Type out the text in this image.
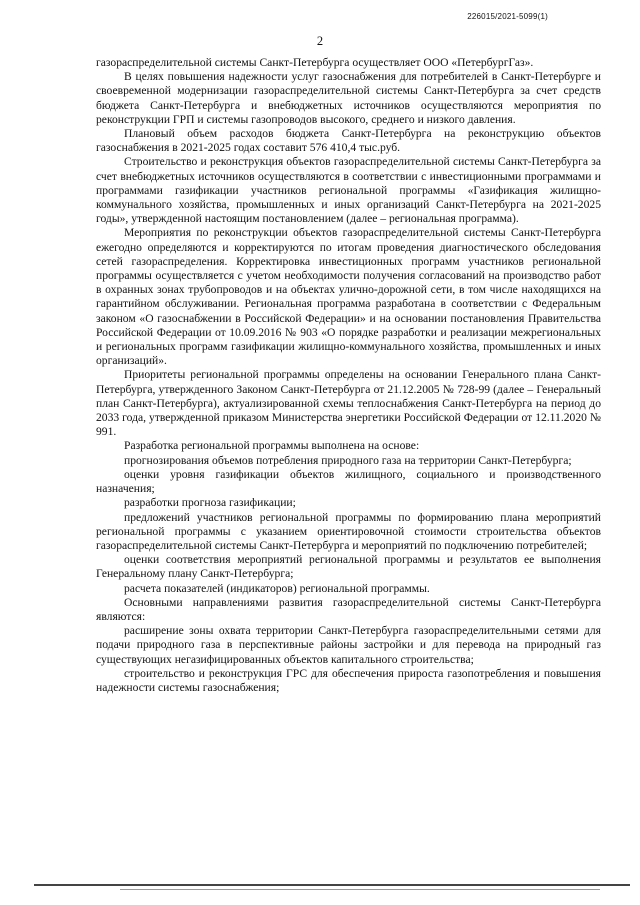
226015/2021-5099(1)
2

газораспределительной системы Санкт-Петербурга осуществляет ООО «ПетербургГаз».

В целях повышения надежности услуг газоснабжения для потребителей в Санкт-Петербурге и своевременной модернизации газораспределительной системы Санкт-Петербурга за счет средств бюджета Санкт-Петербурга и внебюджетных источников осуществляются мероприятия по реконструкции ГРП и системы газопроводов высокого, среднего и низкого давления.

Плановый объем расходов бюджета Санкт-Петербурга на реконструкцию объектов газоснабжения в 2021-2025 годах составит 576 410,4 тыс.руб.

Строительство и реконструкция объектов газораспределительной системы Санкт-Петербурга за счет внебюджетных источников осуществляются в соответствии с инвестиционными программами и программами газификации участников региональной программы «Газификация жилищно-коммунального хозяйства, промышленных и иных организаций Санкт-Петербурга на 2021-2025 годы», утвержденной настоящим постановлением (далее – региональная программа).

Мероприятия по реконструкции объектов газораспределительной системы Санкт-Петербурга ежегодно определяются и корректируются по итогам проведения диагностического обследования сетей газораспределения. Корректировка инвестиционных программ участников региональной программы осуществляется с учетом необходимости получения согласований на производство работ в охранных зонах трубопроводов и на объектах улично-дорожной сети, в том числе находящихся на гарантийном обслуживании. Региональная программа разработана в соответствии с Федеральным законом «О газоснабжении в Российской Федерации» и на основании постановления Правительства Российской Федерации от 10.09.2016 № 903 «О порядке разработки и реализации межрегиональных и региональных программ газификации жилищно-коммунального хозяйства, промышленных и иных организаций».

Приоритеты региональной программы определены на основании Генерального плана Санкт-Петербурга, утвержденного Законом Санкт-Петербурга от 21.12.2005 № 728-99 (далее – Генеральный план Санкт-Петербурга), актуализированной схемы теплоснабжения Санкт-Петербурга на период до 2033 года, утвержденной приказом Министерства энергетики Российской Федерации от 12.11.2020 № 991.

Разработка региональной программы выполнена на основе:

прогнозирования объемов потребления природного газа на территории Санкт-Петербурга;

оценки уровня газификации объектов жилищного, социального и производственного назначения;

разработки прогноза газификации;

предложений участников региональной программы по формированию плана мероприятий региональной программы с указанием ориентировочной стоимости строительства объектов газораспределительной системы Санкт-Петербурга и мероприятий по подключению потребителей;

оценки соответствия мероприятий региональной программы и результатов ее выполнения Генеральному плану Санкт-Петербурга;

расчета показателей (индикаторов) региональной программы.

Основными направлениями развития газораспределительной системы Санкт-Петербурга являются:

расширение зоны охвата территории Санкт-Петербурга газораспределительными сетями для подачи природного газа в перспективные районы застройки и для перевода на природный газ существующих негазифицированных объектов капитального строительства;

строительство и реконструкция ГРС для обеспечения прироста газопотребления и повышения надежности системы газоснабжения;
